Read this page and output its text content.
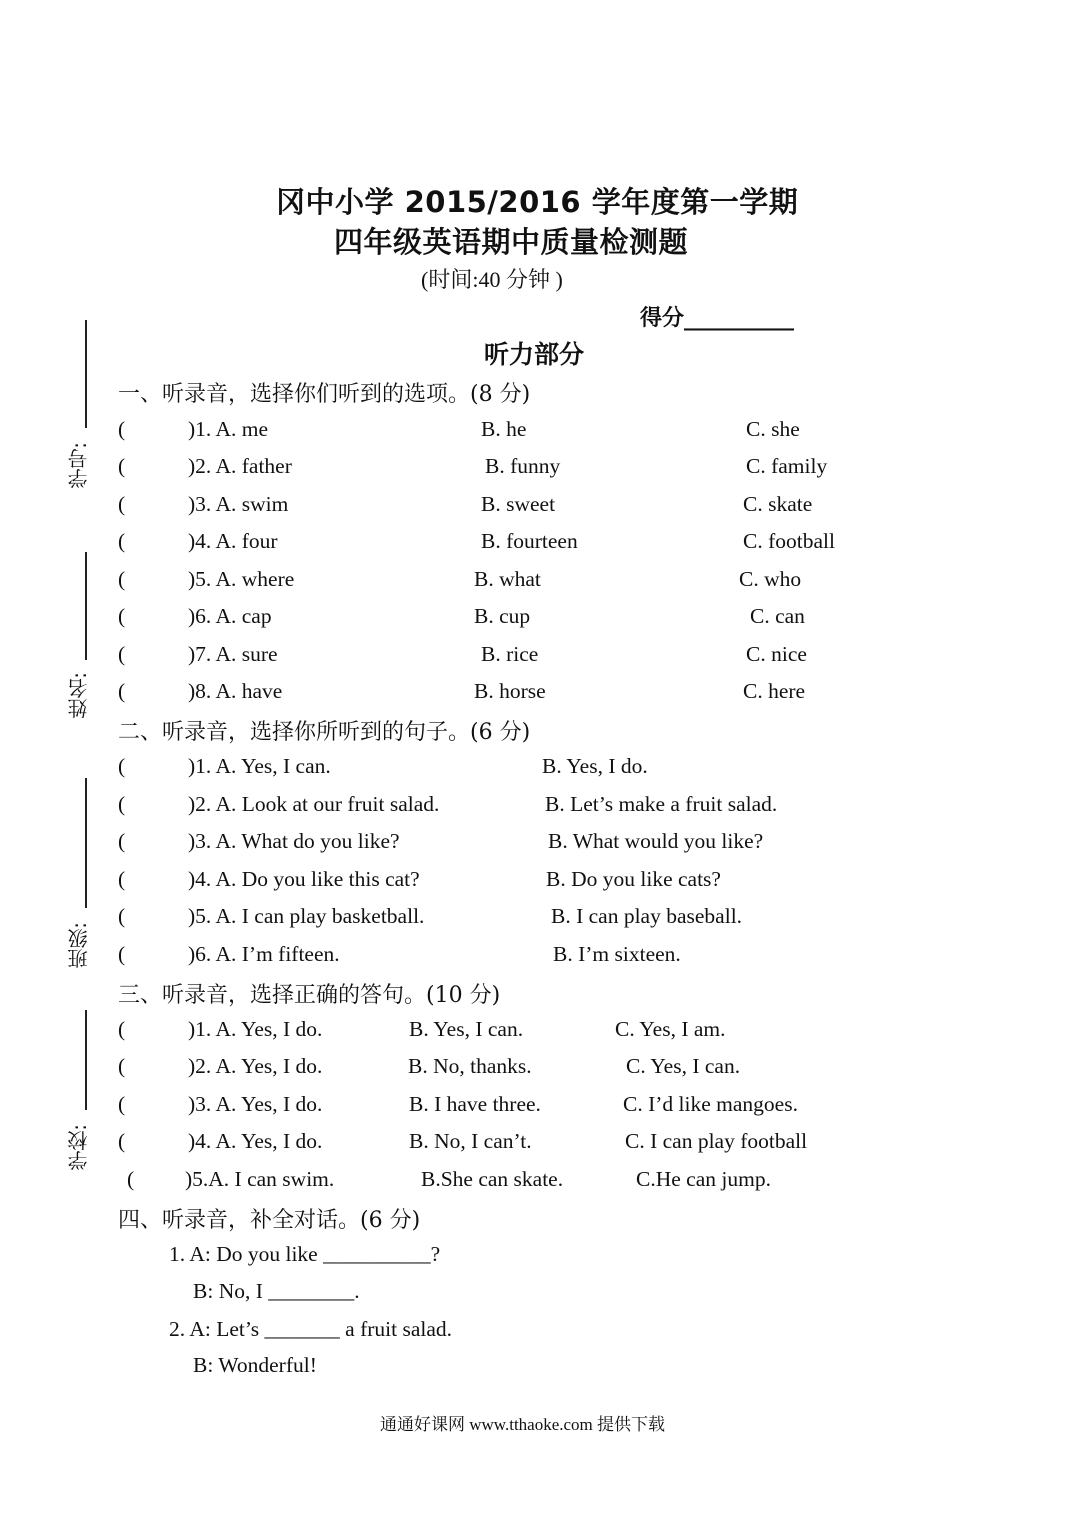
冈中小学 2015/2016 学年度第一学期
四年级英语期中质量检测题
(时间:40 分钟 )
得分__________
听力部分
学号:
姓名:
班级:
学校:
一、听录音，选择你们听到的选项。(8 分)
(	)1. A. me	B. he	C. she
(	)2. A. father	B. funny	C. family
(	)3. A. swim	B. sweet	C. skate
(	)4. A. four	B. fourteen	C. football
(	)5. A. where	B. what	C. who
(	)6. A. cap	B. cup	C. can
(	)7. A. sure	B. rice	C. nice
(	)8. A. have	B. horse	C. here
二、听录音，选择你所听到的句子。(6 分)
(	)1. A. Yes, I can.	B. Yes, I do.
(	)2. A. Look at our fruit salad.	B. Let’s make a fruit salad.
(	)3. A. What do you like?	B. What would you like?
(	)4. A. Do you like this cat?	B. Do you like cats?
(	)5. A. I can play basketball.	B. I can play baseball.
(	)6. A. I’m fifteen.	B. I’m sixteen.
三、听录音，选择正确的答句。(10 分)
(	)1. A. Yes, I do.	B. Yes, I can.	C. Yes, I am.
(	)2. A. Yes, I do.	B. No, thanks.	C. Yes, I can.
(	)3. A. Yes, I do.	B. I have three.	C. I’d like mangoes.
(	)4. A. Yes, I do.	B. No, I can’t.	C. I can play football
( )5.A. I can swim.	B.She can skate.	C.He can jump.
四、听录音，补全对话。(6 分)
1. A: Do you like __________?
B: No, I ________.
2. A: Let’s _______ a fruit salad.
B: Wonderful!
通通好课网 www.tthaoke.com 提供下载
